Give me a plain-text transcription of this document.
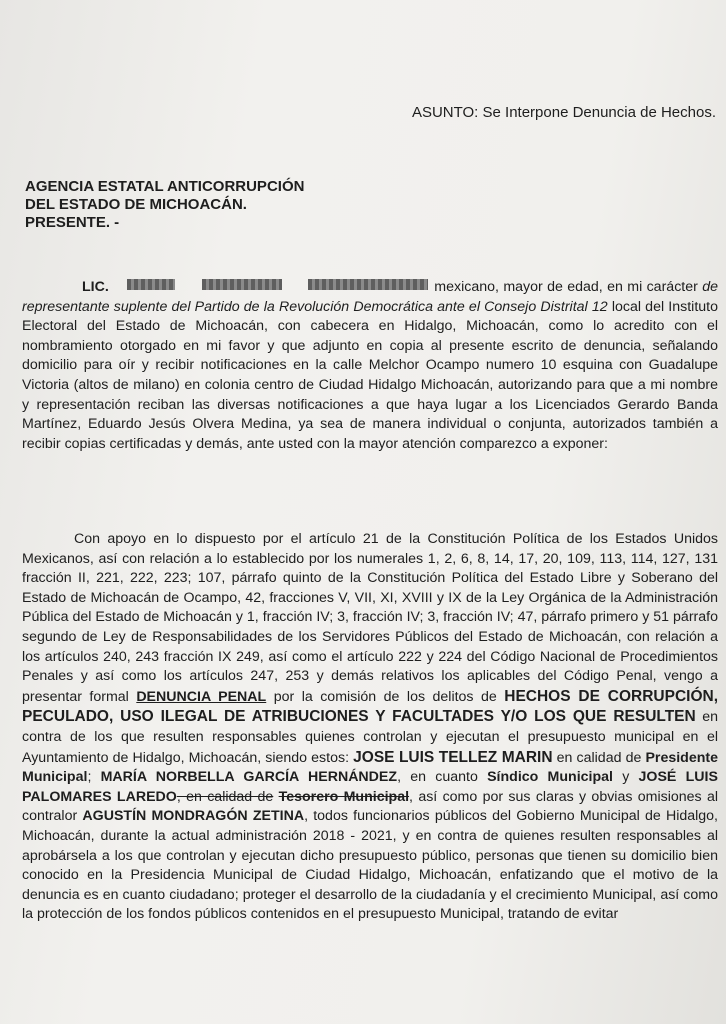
ASUNTO: Se Interpone Denuncia de Hechos.
AGENCIA ESTATAL ANTICORRUPCIÓN
DEL ESTADO DE MICHOACÁN.
PRESENTE. -
LIC.	mexicano, mayor de edad, en mi carácter de representante suplente del Partido de la Revolución Democrática ante el Consejo Distrital 12 local del Instituto Electoral del Estado de Michoacán, con cabecera en Hidalgo, Michoacán, como lo acredito con el nombramiento otorgado en mi favor y que adjunto en copia al presente escrito de denuncia, señalando domicilio para oír y recibir notificaciones en la calle Melchor Ocampo numero 10 esquina con Guadalupe Victoria (altos de milano) en colonia centro de Ciudad Hidalgo Michoacán, autorizando para que a mi nombre y representación reciban las diversas notificaciones a que haya lugar a los Licenciados Gerardo Banda Martínez, Eduardo Jesús Olvera Medina, ya sea de manera individual o conjunta, autorizados también a recibir copias certificadas y demás, ante usted con la mayor atención comparezco a exponer:
Con apoyo en lo dispuesto por el artículo 21 de la Constitución Política de los Estados Unidos Mexicanos, así con relación a lo establecido por los numerales 1, 2, 6, 8, 14, 17, 20, 109, 113, 114, 127, 131 fracción II, 221, 222, 223; 107, párrafo quinto de la Constitución Política del Estado Libre y Soberano del Estado de Michoacán de Ocampo, 42, fracciones V, VII, XI, XVIII y IX de la Ley Orgánica de la Administración Pública del Estado de Michoacán y 1, fracción IV; 3, fracción IV; 3, fracción IV; 47, párrafo primero y 51 párrafo segundo de Ley de Responsabilidades de los Servidores Públicos del Estado de Michoacán, con relación a los artículos 240, 243 fracción IX 249, así como el artículo 222 y 224 del Código Nacional de Procedimientos Penales y así como los artículos 247, 253 y demás relativos los aplicables del Código Penal, vengo a presentar formal DENUNCIA PENAL por la comisión de los delitos de HECHOS DE CORRUPCIÓN, PECULADO, USO ILEGAL DE ATRIBUCIONES Y FACULTADES Y/O LOS QUE RESULTEN en contra de los que resulten responsables quienes controlan y ejecutan el presupuesto municipal en el Ayuntamiento de Hidalgo, Michoacán, siendo estos: JOSE LUIS TELLEZ MARIN en calidad de Presidente Municipal; MARÍA NORBELLA GARCÍA HERNÁNDEZ, en cuanto Síndico Municipal y JOSÉ LUIS PALOMARES LAREDO, en calidad de Tesorero Municipal, así como por sus claras y obvias omisiones al contralor AGUSTÍN MONDRAGÓN ZETINA, todos funcionarios públicos del Gobierno Municipal de Hidalgo, Michoacán, durante la actual administración 2018 - 2021, y en contra de quienes resulten responsables al aprobársela a los que controlan y ejecutan dicho presupuesto público, personas que tienen su domicilio bien conocido en la Presidencia Municipal de Ciudad Hidalgo, Michoacán, enfatizando que el motivo de la denuncia es en cuanto ciudadano; proteger el desarrollo de la ciudadanía y el crecimiento Municipal, así como la protección de los fondos públicos contenidos en el presupuesto Municipal, tratando de evitar
